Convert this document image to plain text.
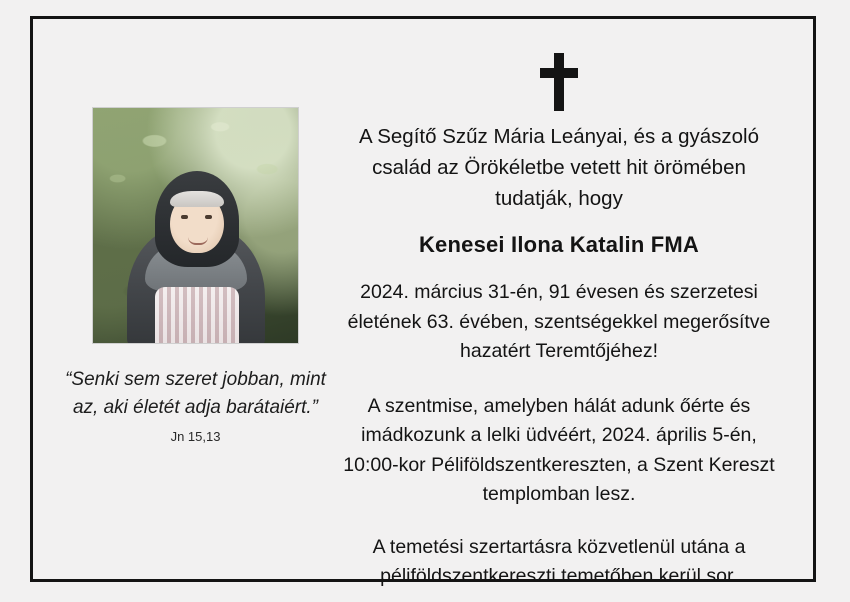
“Senki sem szeret jobban, mint az, aki életét adja barátaiért.”
Jn 15,13
A Segítő Szűz Mária Leányai, és a gyászoló család az Örökéletbe vetett hit örömében tudatják, hogy
Kenesei Ilona Katalin FMA
2024. március 31-én, 91 évesen és szerzetesi életének 63. évében, szentségekkel megerősítve hazatért Teremtőjéhez!
A szentmise, amelyben hálát adunk őérte és imádkozunk a lelki üdvéért, 2024. április 5-én, 10:00-kor Péliföldszentkereszten, a Szent Kereszt templomban lesz.
A temetési szertartásra közvetlenül utána a péliföldszentkereszti temetőben kerül sor.
